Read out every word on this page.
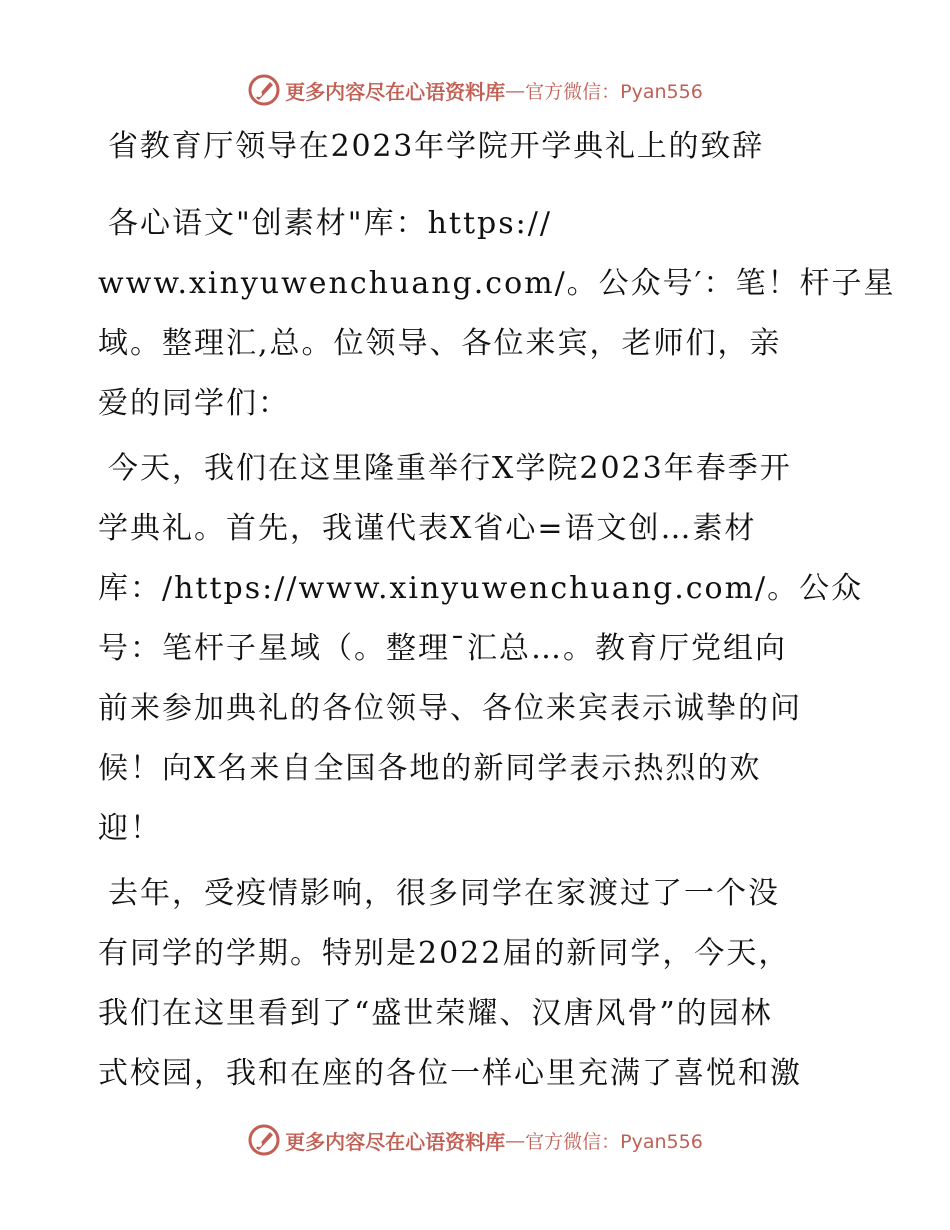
更多内容尽在心语资料库 — 官方微信：Pyan556
省教育厅领导在2023年学院开学典礼上的致辞
各心语文"创素材"库：https://
www.xinyuwenchuang.com/。公众号′：笔！杆子星
域。整理汇,总。位领导、各位来宾，老师们，亲
爱的同学们：
今天，我们在这里隆重举行X学院2023年春季开
学典礼。首先，我谨代表X省心=语文创…素材
库：/https://www.xinyuwenchuang.com/。公众
号：笔杆子星域（。整理¯汇总…。教育厅党组向
前来参加典礼的各位领导、各位来宾表示诚挚的问
候！向X名来自全国各地的新同学表示热烈的欢
迎！
去年，受疫情影响，很多同学在家渡过了一个没
有同学的学期。特别是2022届的新同学，今天，
我们在这里看到了“盛世荣耀、汉唐风骨”的园林
式校园，我和在座的各位一样心里充满了喜悦和激
更多内容尽在心语资料库 — 官方微信：Pyan556
